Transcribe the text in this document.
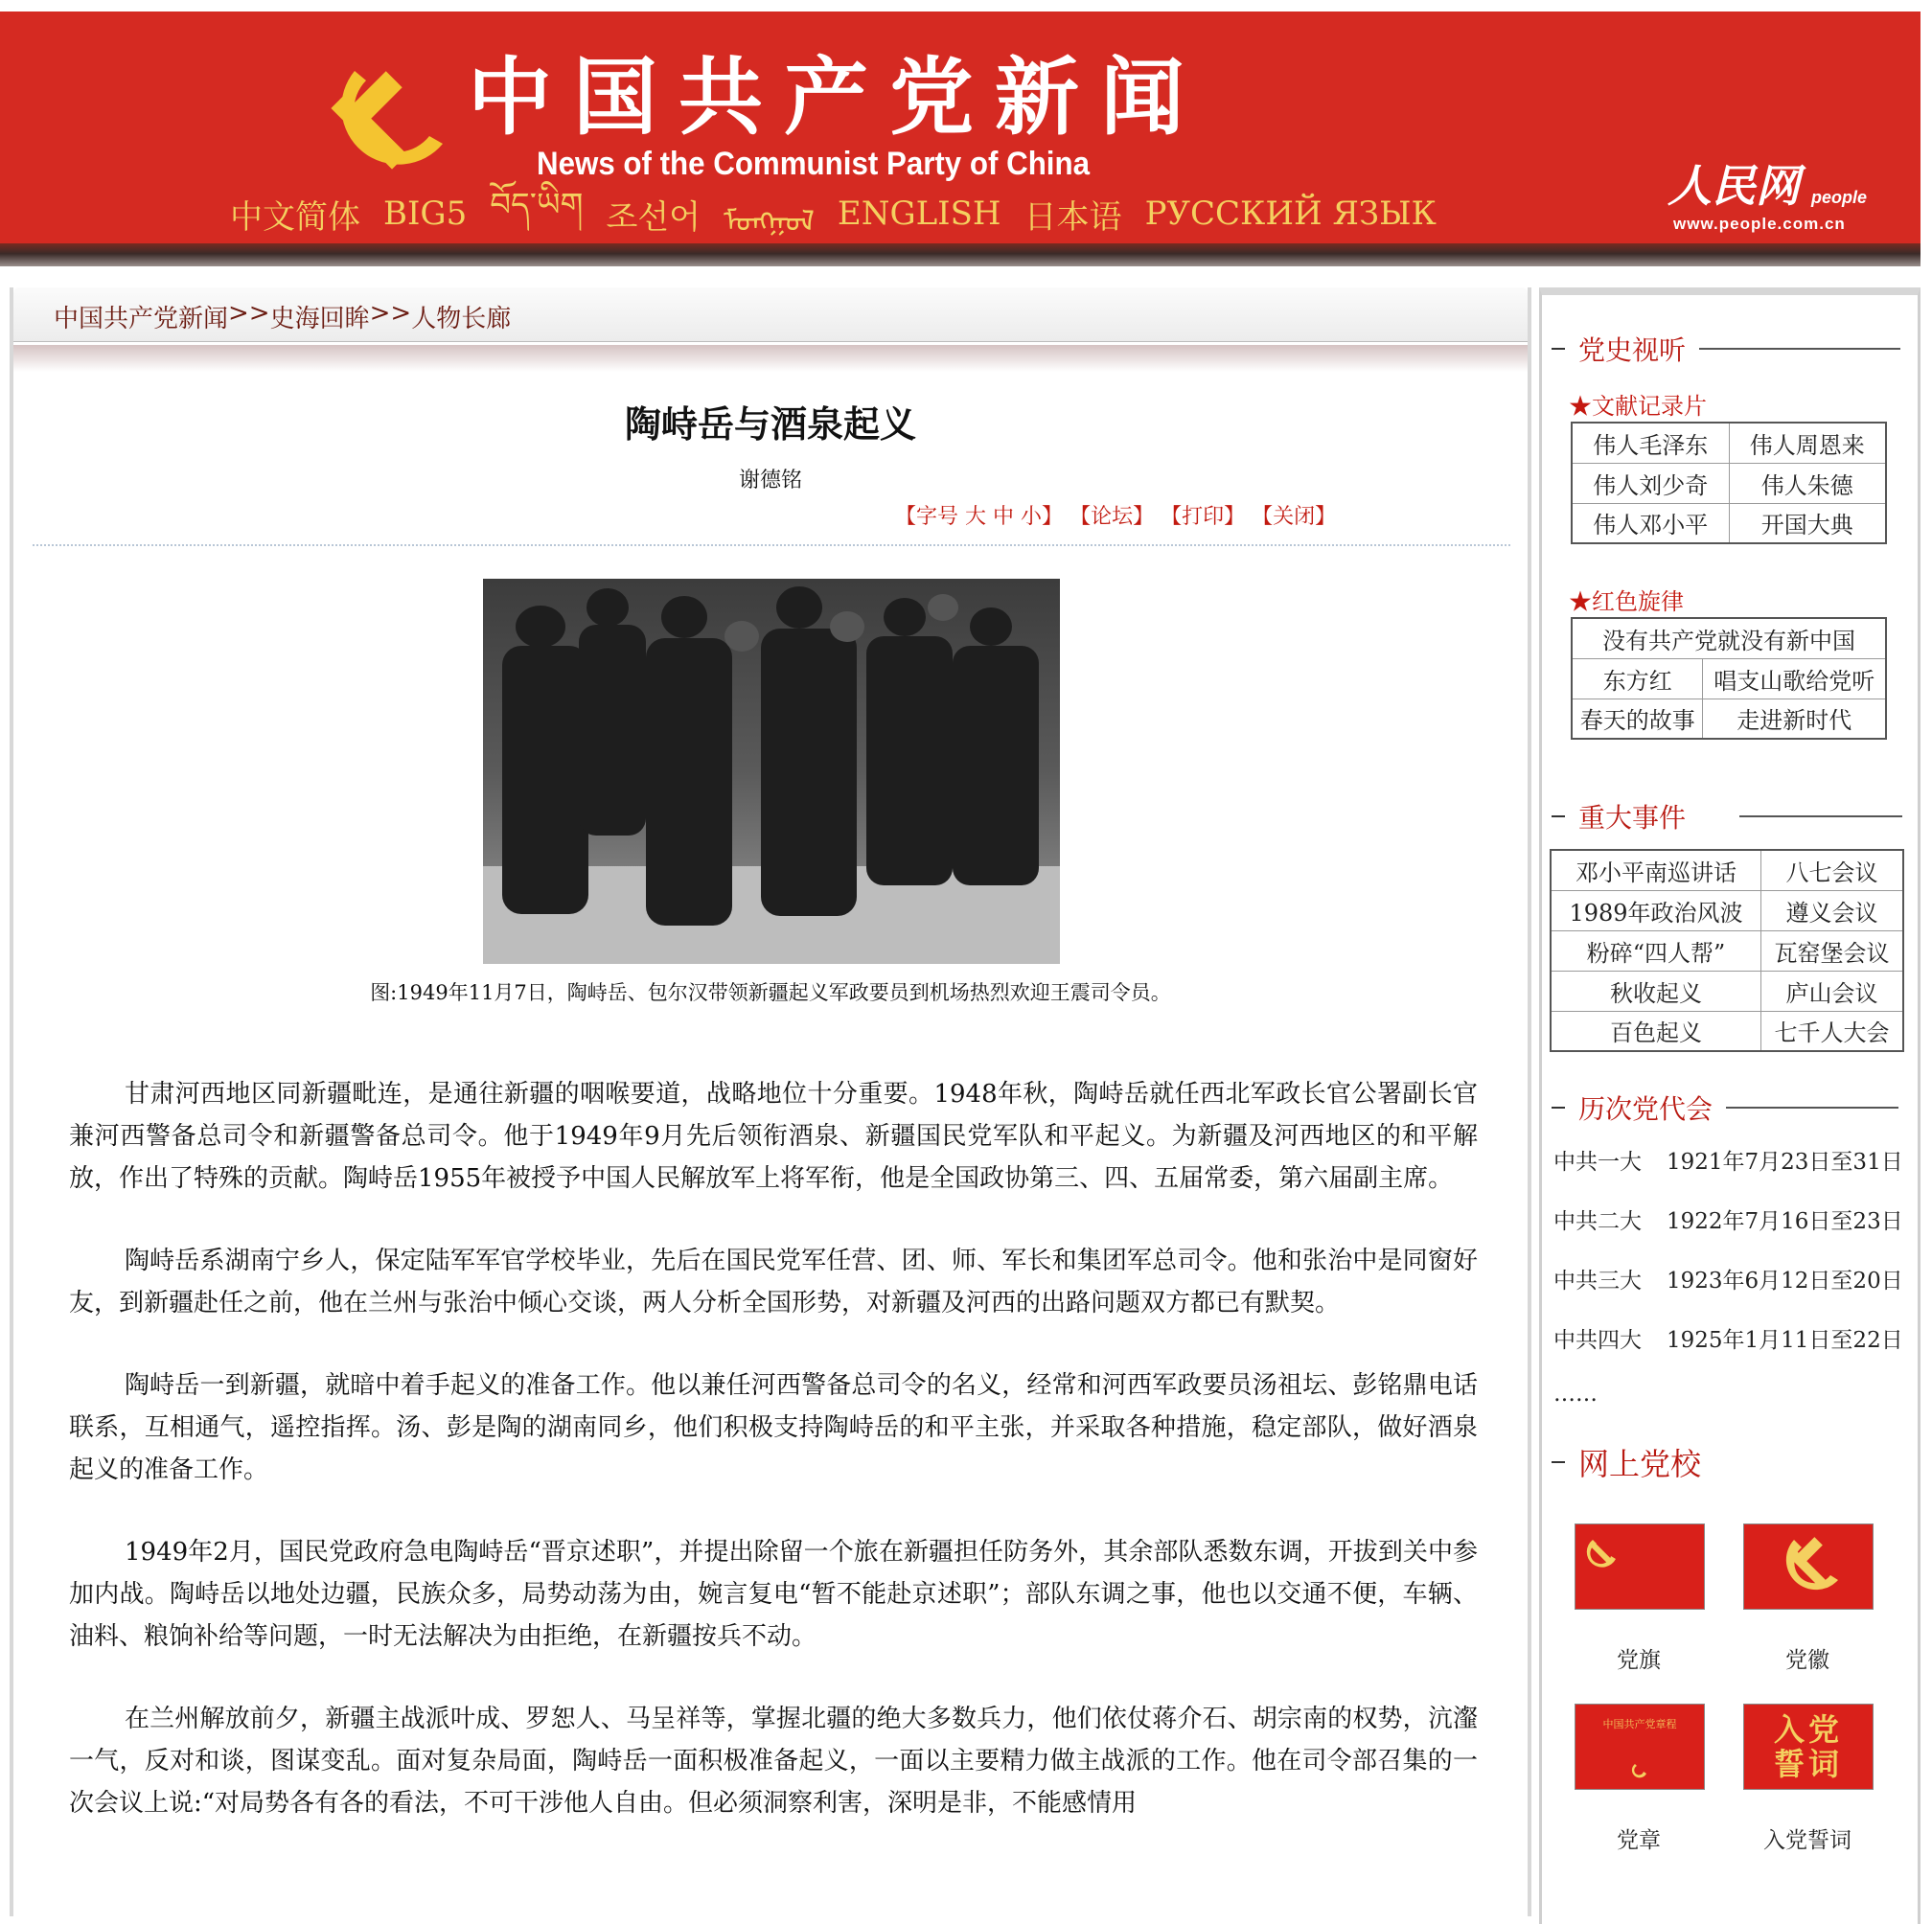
中国共产党新闻
News of the Communist Party of China
中文简体 BIG5 བོད་ཡིག 조선어 ᠮᠣᠩᠭᠣᠯ ENGLISH 日本语 РУССКИЙ ЯЗЫК
人民网 people
www.people.com.cn
中国共产党新闻 >> 史海回眸 >> 人物长廊
陶峙岳与酒泉起义
谢德铭
【字号 大 中 小】 【论坛】 【打印】 【关闭】
图:1949年11月7日，陶峙岳、包尔汉带领新疆起义军政要员到机场热烈欢迎王震司令员。

甘肃河西地区同新疆毗连，是通往新疆的咽喉要道，战略地位十分重要。1948年秋，陶峙岳就任西北军政长官公署副长官兼河西警备总司令和新疆警备总司令。他于1949年9月先后领衔酒泉、新疆国民党军队和平起义。为新疆及河西地区的和平解放，作出了特殊的贡献。陶峙岳1955年被授予中国人民解放军上将军衔，他是全国政协第三、四、五届常委，第六届副主席。

陶峙岳系湖南宁乡人，保定陆军军官学校毕业，先后在国民党军任营、团、师、军长和集团军总司令。他和张治中是同窗好友，到新疆赴任之前，他在兰州与张治中倾心交谈，两人分析全国形势，对新疆及河西的出路问题双方都已有默契。

陶峙岳一到新疆，就暗中着手起义的准备工作。他以兼任河西警备总司令的名义，经常和河西军政要员汤祖坛、彭铭鼎电话联系，互相通气，遥控指挥。汤、彭是陶的湖南同乡，他们积极支持陶峙岳的和平主张，并采取各种措施，稳定部队，做好酒泉起义的准备工作。

1949年2月，国民党政府急电陶峙岳“晋京述职”，并提出除留一个旅在新疆担任防务外，其余部队悉数东调，开拔到关中参加内战。陶峙岳以地处边疆，民族众多，局势动荡为由，婉言复电“暂不能赴京述职”；部队东调之事，他也以交通不便，车辆、油料、粮饷补给等问题，一时无法解决为由拒绝，在新疆按兵不动。

在兰州解放前夕，新疆主战派叶成、罗恕人、马呈祥等，掌握北疆的绝大多数兵力，他们依仗蒋介石、胡宗南的权势，沆瀣一气，反对和谈，图谋变乱。面对复杂局面，陶峙岳一面积极准备起义，一面以主要精力做主战派的工作。他在司令部召集的一次会议上说:“对局势各有各的看法，不可干涉他人自由。但必须洞察利害，深明是非，不能感情用

党史视听
★文献记录片
伟人毛泽东	伟人周恩来
伟人刘少奇	伟人朱德
伟人邓小平	开国大典
★红色旋律
没有共产党就没有新中国	
东方红	唱支山歌给党听
春天的故事	走进新时代
重大事件
邓小平南巡讲话	八七会议
1989年政治风波	遵义会议
粉碎“四人帮”	瓦窑堡会议
秋收起义	庐山会议
百色起义	七千人大会
历次党代会
中共一大 1921年7月23日至31日
中共二大 1922年7月16日至23日
中共三大 1923年6月12日至20日
中共四大 1925年1月11日至22日
……
网上党校
党旗	党徽
中国共产党章程
党章
入党誓词
入党誓词
